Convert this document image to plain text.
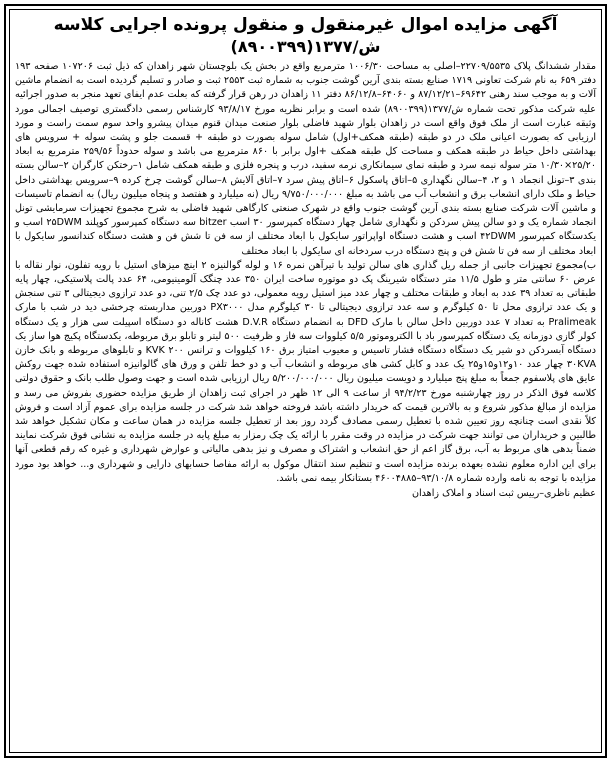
آگهی مزایده اموال غیرمنقول و منقول پرونده اجرایی کلاسه
ش/۱۳۷۷(۸۹۰۰۳۹۹)

مقدار ششدانگ پلاک ۲۲۷۰۹/۵۵۳۵–اصلی به مساحت ۱۰۰۶/۳۰ مترمربع واقع در بخش یک بلوچستان شهر زاهدان که ذیل ثبت ۱۰۷۲۰۶ صفحه ۱۹۳ دفتر ۶۵۹ به نام شرکت تعاونی ۱۷۱۹ صنایع بسته بندی آرین گوشت جنوب به شماره ثبت ۲۵۵۳ ثبت و صادر و تسلیم گردیده است به انضمام ماشین آلات و به موجب سند رهنی ۶۹۶۴۲–۸۷/۱۲/۲۱ و ۶۴۰۶۰–۸۶/۱۲/۸ دفتر ۱۱ زاهدان در رهن قرار گرفته که بعلت عدم ایفای تعهد منجر به صدور اجرائیه علیه شرکت مذکور تحت شماره ش/۱۳۷۷(۸۹۰۰۳۹۹) شده است و برابر نظریه مورخ ۹۳/۸/۱۷ کارشناس رسمی دادگستری توصیف اجمالی مورد وثیقه عبارت است از ملک فوق واقع است در زاهدان بلوار شهید فاضلی بلوار صنعت میدان قنوم میدان پیشرو واحد سوم سمت راست و مورد ارزیابی که بصورت اعیانی ملک در دو طبقه (طبقه همکف+اول) شامل سوله بصورت دو طبقه + قسمت جلو و پشت سوله + سرویس های بهداشتی داخل حیاط در طبقه همکف و مساحت کل طبقه همکف +اول برابر با ۸۶۰ مترمربع می باشد و سوله حدوداً ۲۵۹/۵۶ مترمربع به ابعاد ۲۵/۲۰×۱۰/۳۰ متر سوله نیمه سرد و طبقه نمای سیمانکاری نرمه سفید، درب و پنجره فلزی و طبقه همکف شامل ۱–رختکن کارگران ۲–سالن بسته بندی ۳–تونل انجماد ۱ و ۲، ۴–سالن نگهداری ۵–اتاق پاسکول ۶–اتاق پیش سرد ۷–اتاق آلایش ۸–سالن گوشت چرخ کرده ۹–سرویس بهداشتی داخل حیاط و ملک دارای انشعاب برق و انشعاب آب می باشد به مبلغ ۹/۷۵۰/۰۰۰/۰۰۰ ریال (نه میلیارد و هفتصد و پنجاه میلیون ریال) به انضمام تاسیسات و ماشین آلات شرکت صنایع بسته بندی آرین گوشت جنوب واقع در شهرک صنعتی کارگاهی شهید فاضلی به شرح مجموع تجهیزات سرمایشی تونل انجماد شماره یک و دو سالن پیش سردکن و نگهداری شامل چهار دستگاه کمپرسور ۳۰ اسب bitzer سه دستگاه کمپرسور کوپلند ۲۵DWM اسب و یکدستگاه کمپرسور ۴۲DWM اسب و هشت دستگاه اواپراتور سایکول با ابعاد مختلف از سه فن تا شش فن و هشت دستگاه کندانسور سایکول با ابعاد مختلف از سه فن تا شش فن و پنج دستگاه درب سردخانه ای سایکول با ابعاد مختلف

ب)مجموع تجهیزات جانبی از جمله ریل گذاری های سالن تولید با تیرآهن نمره ۱۶ و لوله گوالنیزه ۲ اینچ میزهای استیل با رویه تفلون، نوار نقاله با عرض ۶۰ سانتی متر و طول ۱۱/۵ متر دستگاه شیرینگ پک دو موتوره ساخت ایران ۳۵۰ عدد چنگک آلومینیومی، ۶۴ عدد پالت پلاستیکی، چهار پایه طبقاتی به تعداد ۳۹ عدد به ابعاد و طبقات مختلف و چهار عدد میز استیل رویه معمولی، دو عدد چک ۲/۵ تنی، دو عدد ترازوی دیجیتالی ۳ تنی سنجش و یک عدد ترازوی محل تا ۵۰ کیلوگرم و سه عدد ترازوی دیجیتالی تا ۳۰ کیلوگرم مدل PX۳۰۰۰ دوربین مداربسته چرخشی دید در شب با مارک Pralimeak به تعداد ۷ عدد دوربین داخل سالن با مارک DFD به انضمام دستگاه D.V.R هشت کاناله دو دستگاه اسپیلت سی هزار و یک دستگاه کولر گازی دوزمانه یک دستگاه کمپرسور باد با الکتروموتور ۵/۵ کیلووات سه فاز و ظرفیت ۵۰۰ لیتر و تابلو برق مربوطه، یکدستگاه پکیج هوا ساز یک دستگاه آبسردکن دو شیر یک دستگاه دستگاه فشار تاسیس و معیوب امتیاز برق ۱۶۰ کیلووات و ترانس KVK ۲۰۰ و تابلوهای مربوطه و بانک خازن ۳۰KVA چهار عدد ۱۰و۱۲و۱۵و۲۵ یک عدد و کابل کشی های مربوطه و انشعاب آب و دو خط تلفن و ورق های گالوانیزه استفاده شده جهت روکش عایق های پلاسفوم جمعاً به مبلغ پنج میلیارد و دویست میلیون ریال ۵/۲۰۰/۰۰۰/۰۰۰ ریال ارزیابی شده است و جهت وصول طلب بانک و حقوق دولتی کلاسه فوق الذکر در روز چهارشنبه مورخ ۹۴/۲/۲۳ از ساعت ۹ الی ۱۲ ظهر در اجرای ثبت زاهدان از طریق مزایده حضوری بفروش می رسد و مزایده از مبالغ مذکور شروع و به بالاترین قیمت که خریدار داشته باشد فروخته خواهد شد شرکت در جلسه مزایده برای عموم آزاد است و فروش کلاً نقدی است چنانچه روز تعیین شده با تعطیل رسمی مصادف گردد روز بعد از تعطیل جلسه مزایده در همان ساعت و مکان تشکیل خواهد شد طالبین و خریداران می توانند جهت شرکت در مزایده در وقت مقرر با ارائه یک چک رمزار به مبلغ پایه در جلسه مزایده به نشانی فوق شرکت نمایند ضمناً بدهی های مربوط به آب، برق گاز اعم از حق انشعاب و اشتراک و مصرف و نیز بدهی مالیاتی و عوارض شهرداری و غیره که رقم قطعی آنها برای این اداره معلوم نشده بعهده برنده مزایده است و تنظیم سند انتقال موکول به ارائه مفاصا حسابهای دارایی و شهرداری و... خواهد بود مورد مزایده با توجه به نامه وارده شماره ۹۳/۱۰/۸–۴۶۰۰۴۸۸۵ بستانکار بیمه نمی باشد.

عظیم ناظری–رییس ثبت اسناد و املاک زاهدان
